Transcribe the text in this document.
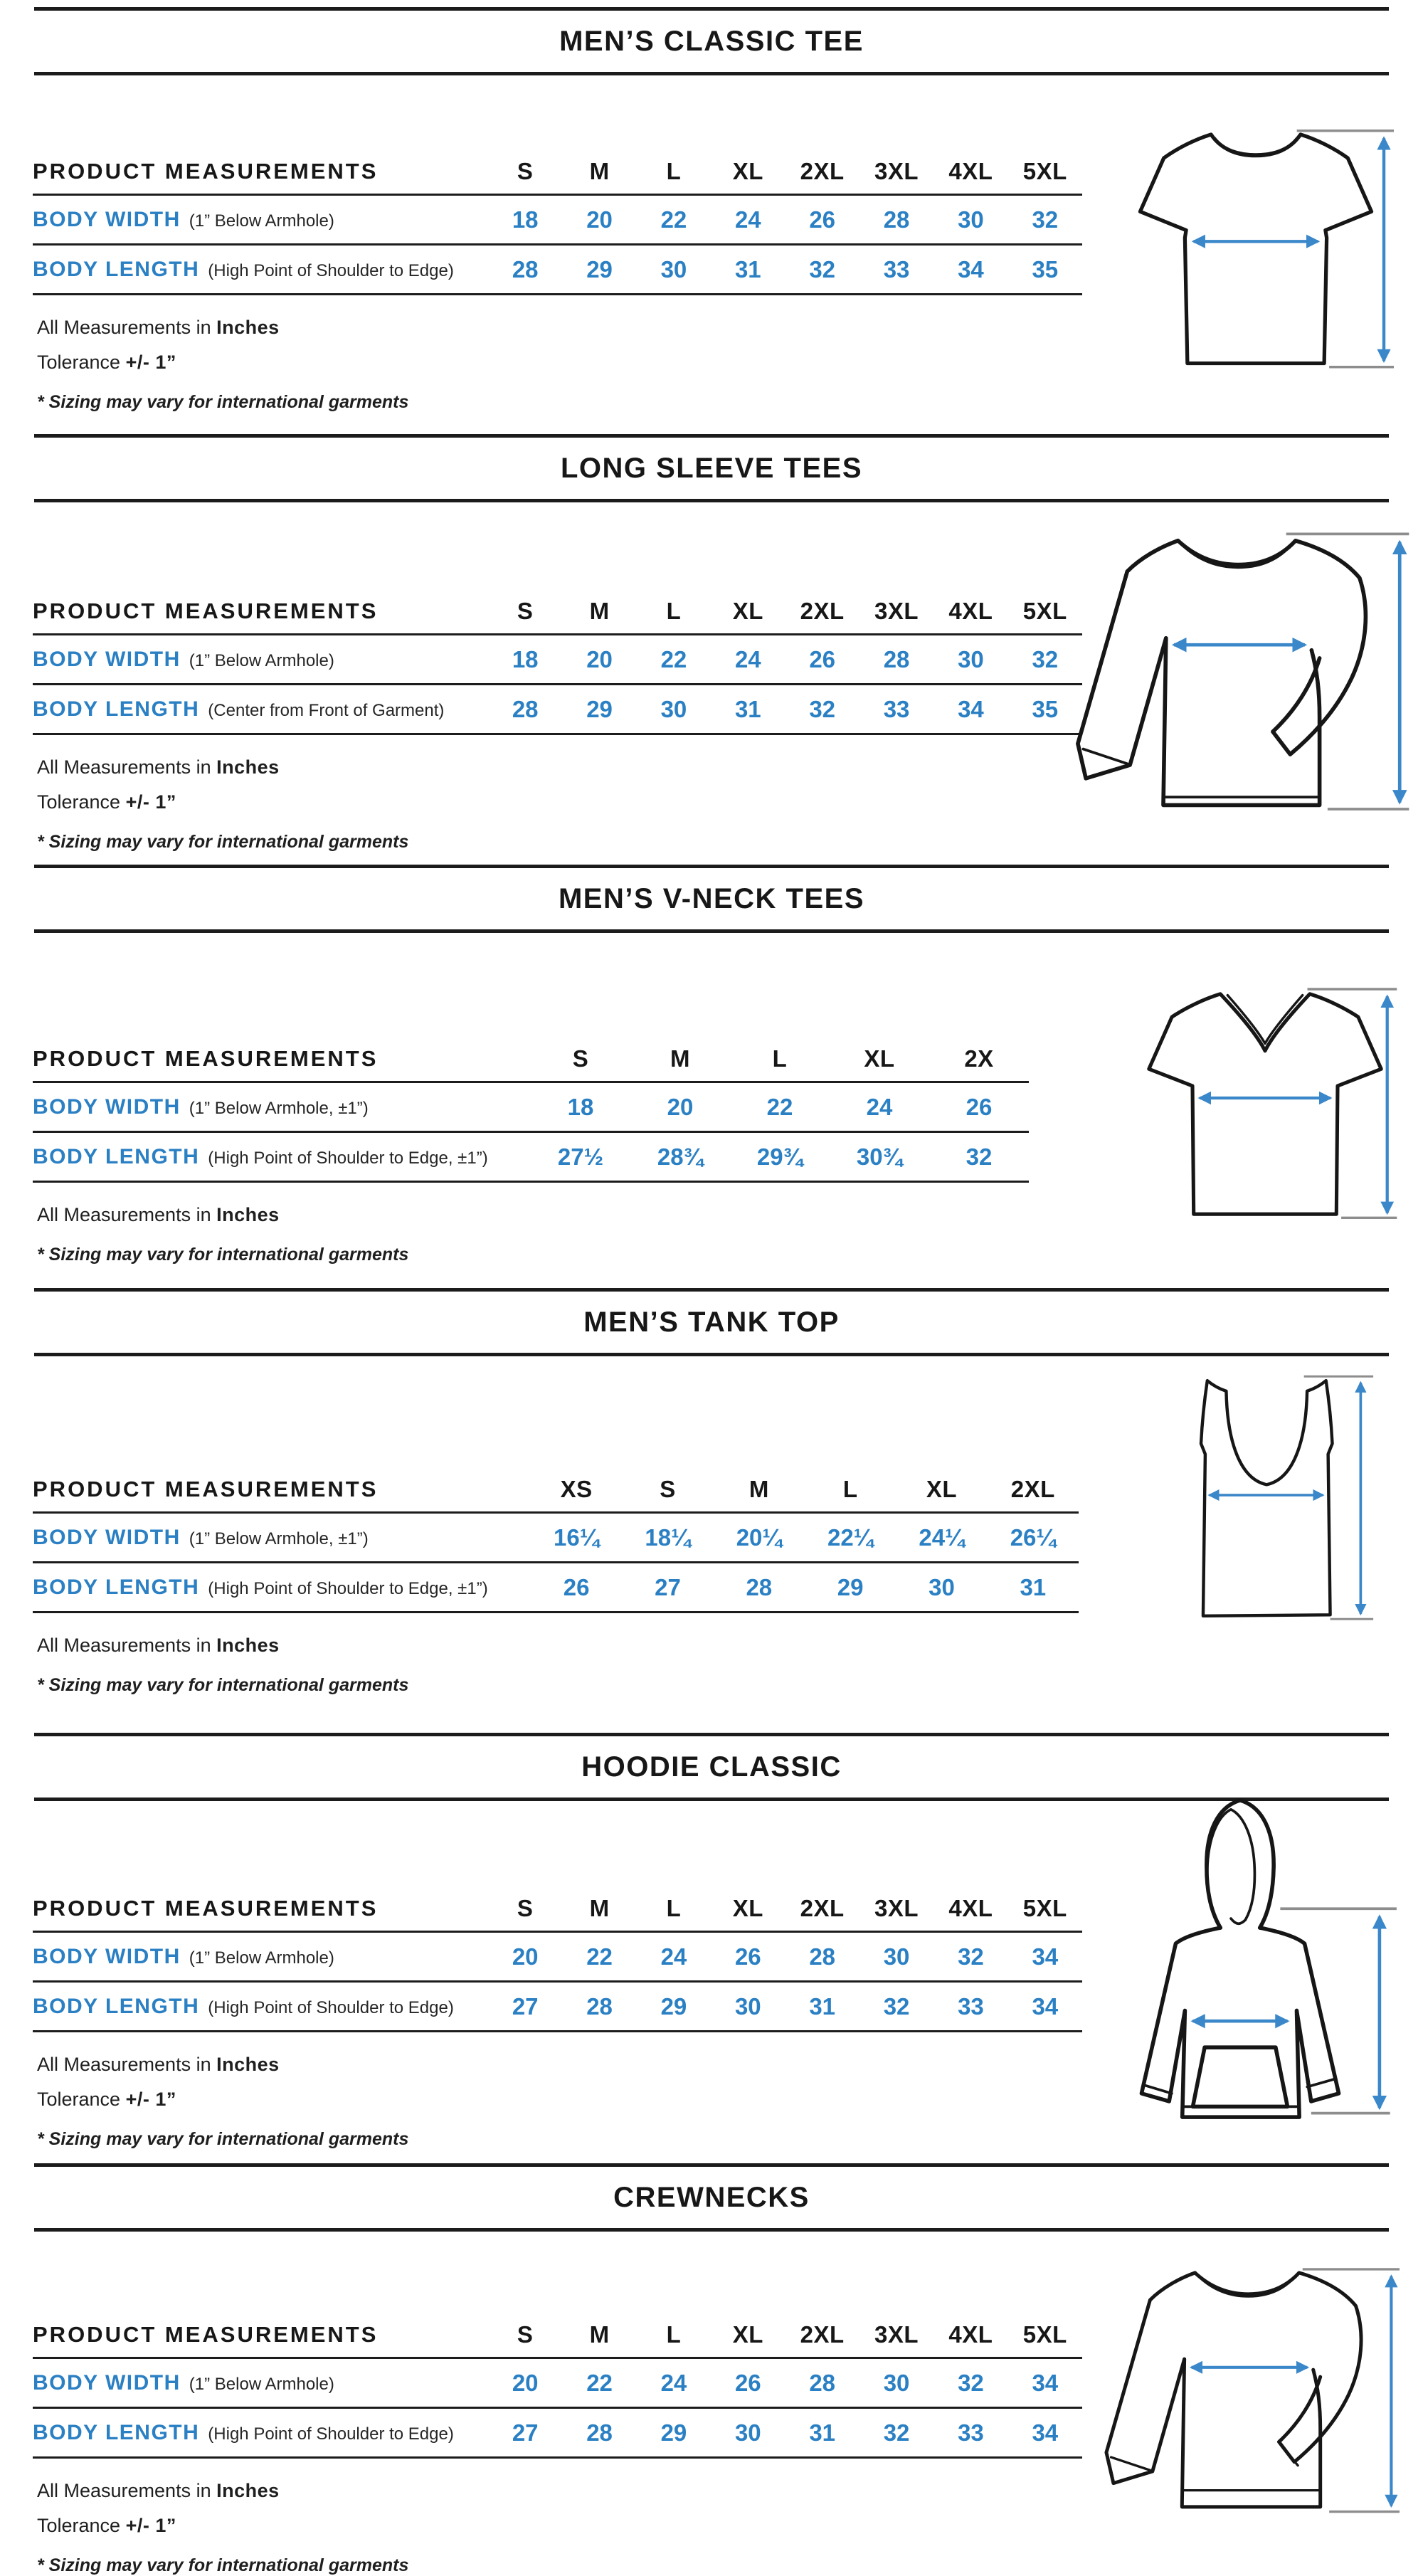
MEN’S CLASSIC TEE
PRODUCT MEASUREMENTS	S	M	L	XL	2XL	3XL	4XL	5XL
BODY WIDTH (1” Below Armhole)	18	20	22	24	26	28	30	32
BODY LENGTH (High Point of Shoulder to Edge)	28	29	30	31	32	33	34	35

All Measurements in Inches

Tolerance +/- 1”

* Sizing may vary for international garments

LONG SLEEVE TEES
PRODUCT MEASUREMENTS	S	M	L	XL	2XL	3XL	4XL	5XL
BODY WIDTH (1” Below Armhole)	18	20	22	24	26	28	30	32
BODY LENGTH (Center from Front of Garment)	28	29	30	31	32	33	34	35

All Measurements in Inches

Tolerance +/- 1”

* Sizing may vary for international garments

MEN’S V-NECK TEES
PRODUCT MEASUREMENTS	S	M	L	XL	2X
BODY WIDTH (1” Below Armhole, ±1”)	18	20	22	24	26
BODY LENGTH (High Point of Shoulder to Edge, ±1”)	27½	28¾	29¾	30¾	32

All Measurements in Inches

* Sizing may vary for international garments

MEN’S TANK TOP
PRODUCT MEASUREMENTS	XS	S	M	L	XL	2XL
BODY WIDTH (1” Below Armhole, ±1”)	16¼	18¼	20¼	22¼	24¼	26¼
BODY LENGTH (High Point of Shoulder to Edge, ±1”)	26	27	28	29	30	31

All Measurements in Inches

* Sizing may vary for international garments

HOODIE CLASSIC
PRODUCT MEASUREMENTS	S	M	L	XL	2XL	3XL	4XL	5XL
BODY WIDTH (1” Below Armhole)	20	22	24	26	28	30	32	34
BODY LENGTH (High Point of Shoulder to Edge)	27	28	29	30	31	32	33	34

All Measurements in Inches

Tolerance +/- 1”

* Sizing may vary for international garments

CREWNECKS
PRODUCT MEASUREMENTS	S	M	L	XL	2XL	3XL	4XL	5XL
BODY WIDTH (1” Below Armhole)	20	22	24	26	28	30	32	34
BODY LENGTH (High Point of Shoulder to Edge)	27	28	29	30	31	32	33	34

All Measurements in Inches

Tolerance +/- 1”

* Sizing may vary for international garments
